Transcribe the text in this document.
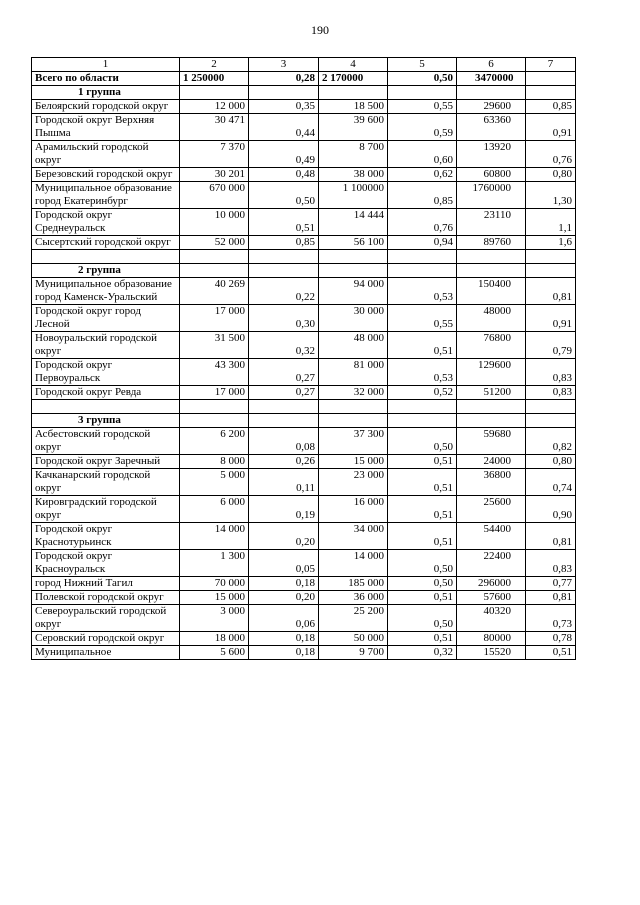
190
1	2	3	4	5	6	7
Всего по области	1 250000	0,28	2 170000	0,50	3470000	
1 группа						
Белоярский городской округ	12 000	0,35	18 500	0,55	29600	0,85
Городской округ Верхняя Пышма	30 471	0,44	39 600	0,59	63360	0,91
Арамильский городской округ	7 370	0,49	8 700	0,60	13920	0,76
Березовский городской округ	30 201	0,48	38 000	0,62	60800	0,80
Муниципальное образование город Екатеринбург	670 000	0,50	1 100000	0,85	1760000	1,30
Городской округ Среднеуральск	10 000	0,51	14 444	0,76	23110	1,1
Сысертский городской округ	52 000	0,85	56 100	0,94	89760	1,6

2 группа						
Муниципальное образование город Каменск-Уральский	40 269	0,22	94 000	0,53	150400	0,81
Городской округ город Лесной	17 000	0,30	30 000	0,55	48000	0,91
Новоуральский городской округ	31 500	0,32	48 000	0,51	76800	0,79
Городской округ Первоуральск	43 300	0,27	81 000	0,53	129600	0,83
Городской округ Ревда	17 000	0,27	32 000	0,52	51200	0,83

3 группа						
Асбестовский городской округ	6 200	0,08	37 300	0,50	59680	0,82
Городской округ Заречный	8 000	0,26	15 000	0,51	24000	0,80
Качканарский городской округ	5 000	0,11	23 000	0,51	36800	0,74
Кировградский городской округ	6 000	0,19	16 000	0,51	25600	0,90
Городской округ Краснотурьинск	14 000	0,20	34 000	0,51	54400	0,81
Городской округ Красноуральск	1 300	0,05	14 000	0,50	22400	0,83
город Нижний Тагил	70 000	0,18	185 000	0,50	296000	0,77
Полевской городской округ	15 000	0,20	36 000	0,51	57600	0,81
Североуральский городской округ	3 000	0,06	25 200	0,50	40320	0,73
Серовский городской округ	18 000	0,18	50 000	0,51	80000	0,78
Муниципальное	5 600	0,18	9 700	0,32	15520	0,51
